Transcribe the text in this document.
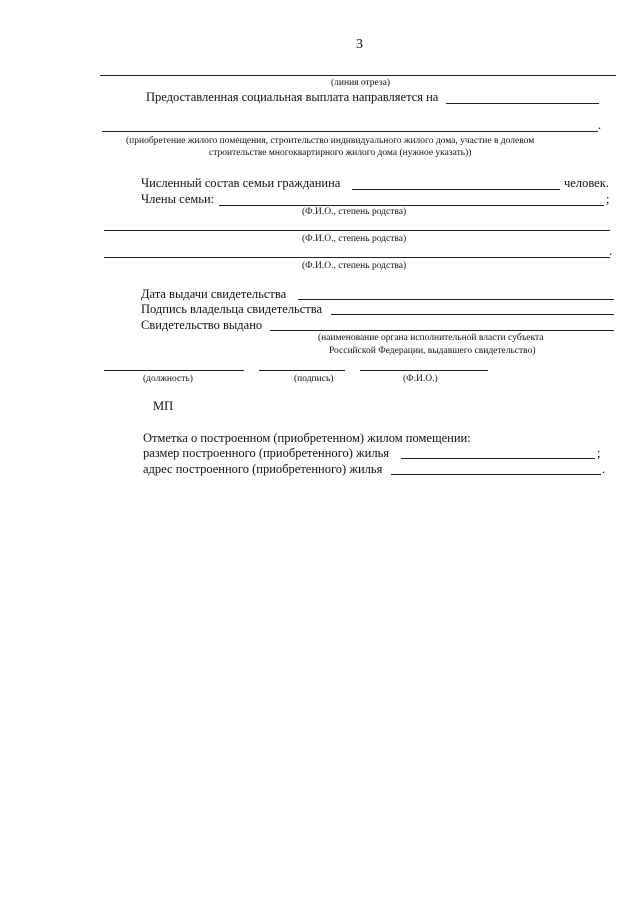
3
(линия отреза)
Предоставленная социальная выплата направляется на
.
(приобретение жилого помещения, строительство индивидуального жилого дома, участие в долевом
строительстве многоквартирного жилого дома (нужное указать))
Численный состав семьи гражданина	человек.
Члены семьи:	;
(Ф.И.О., степень родства)
(Ф.И.О., степень родства)
.
(Ф.И.О., степень родства)
Дата выдачи свидетельства
Подпись владельца свидетельства
Свидетельство выдано
(наименование органа исполнительной власти субъекта
Российской Федерации, выдавшего свидетельство)
(должность)	(подпись)	(Ф.И.О.)
МП
Отметка о построенном (приобретенном) жилом помещении:
размер построенного (приобретенного) жилья	;
адрес построенного (приобретенного) жилья	.
